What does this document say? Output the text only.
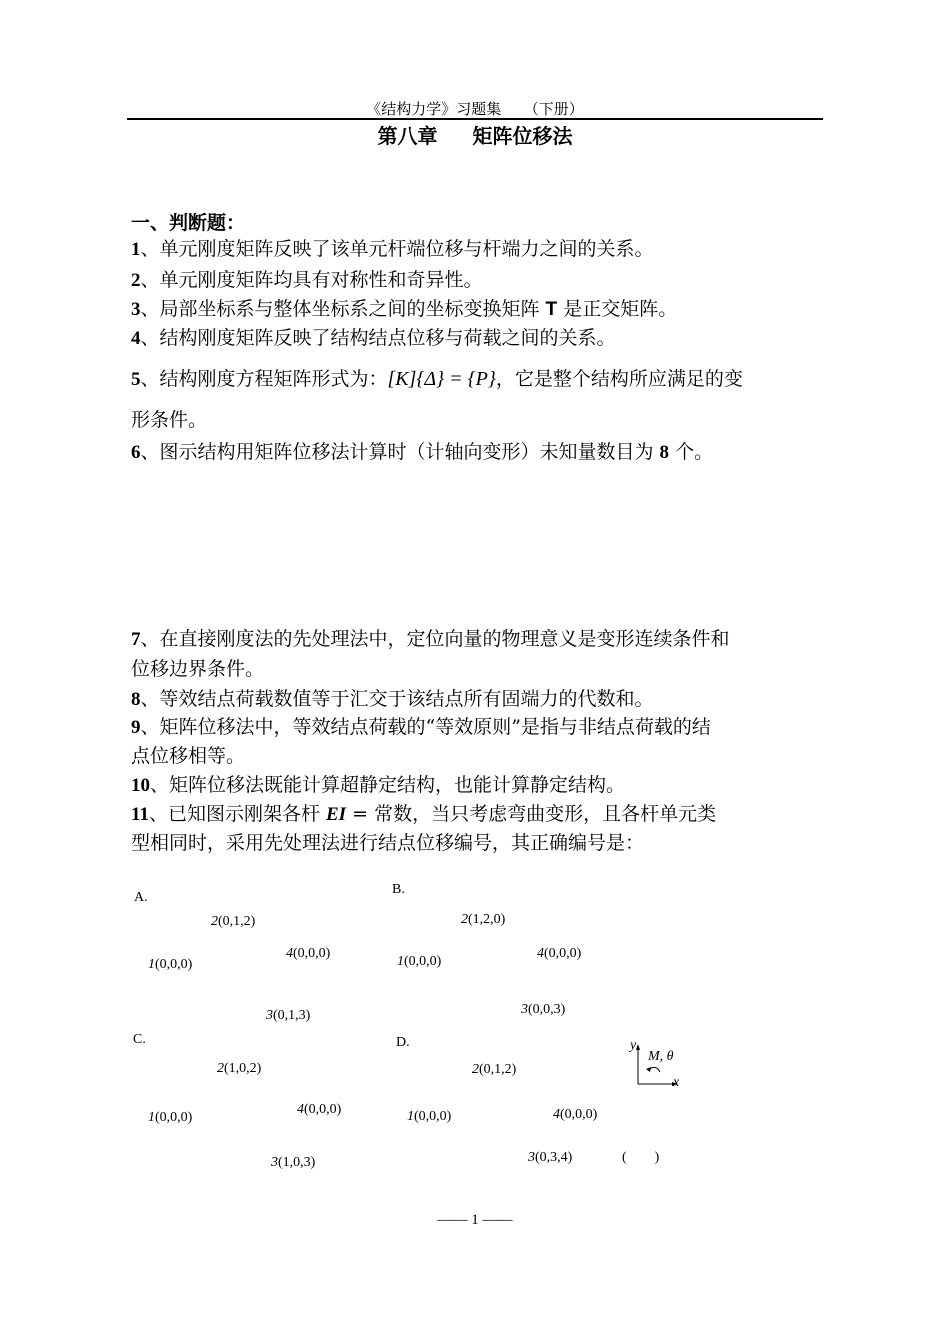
《结构力学》习题集　　（下册）
第八章 矩阵位移法
一、判断题：
1、单元刚度矩阵反映了该单元杆端位移与杆端力之间的关系。
2、单元刚度矩阵均具有对称性和奇异性。
3、局部坐标系与整体坐标系之间的坐标变换矩阵 T 是正交矩阵。
4、结构刚度矩阵反映了结构结点位移与荷载之间的关系。
5、结构刚度方程矩阵形式为：[K]{Δ} = {P}，它是整个结构所应满足的变
形条件。
6、图示结构用矩阵位移法计算时（计轴向变形）未知量数目为 8 个。
7、在直接刚度法的先处理法中，定位向量的物理意义是变形连续条件和
位移边界条件。
8、等效结点荷载数值等于汇交于该结点所有固端力的代数和。
9、矩阵位移法中，等效结点荷载的“等效原则”是指与非结点荷载的结
点位移相等。
10、矩阵位移法既能计算超静定结构，也能计算静定结构。
11、已知图示刚架各杆 EI = 常数，当只考虑弯曲变形，且各杆单元类
型相同时，采用先处理法进行结点位移编号，其正确编号是：
A.
2(0,1,2)
1(0,0,0)
4(0,0,0)
3(0,1,3)
B.
2(1,2,0)
1(0,0,0)
4(0,0,0)
3(0,0,3)
C.
2(1,0,2)
1(0,0,0)
4(0,0,0)
3(1,0,3)
D.
2(0,1,2)
1(0,0,0)	4(0,0,0)
3(0,3,4)
y
x
M, θ
(　　)
—— 1 ——
